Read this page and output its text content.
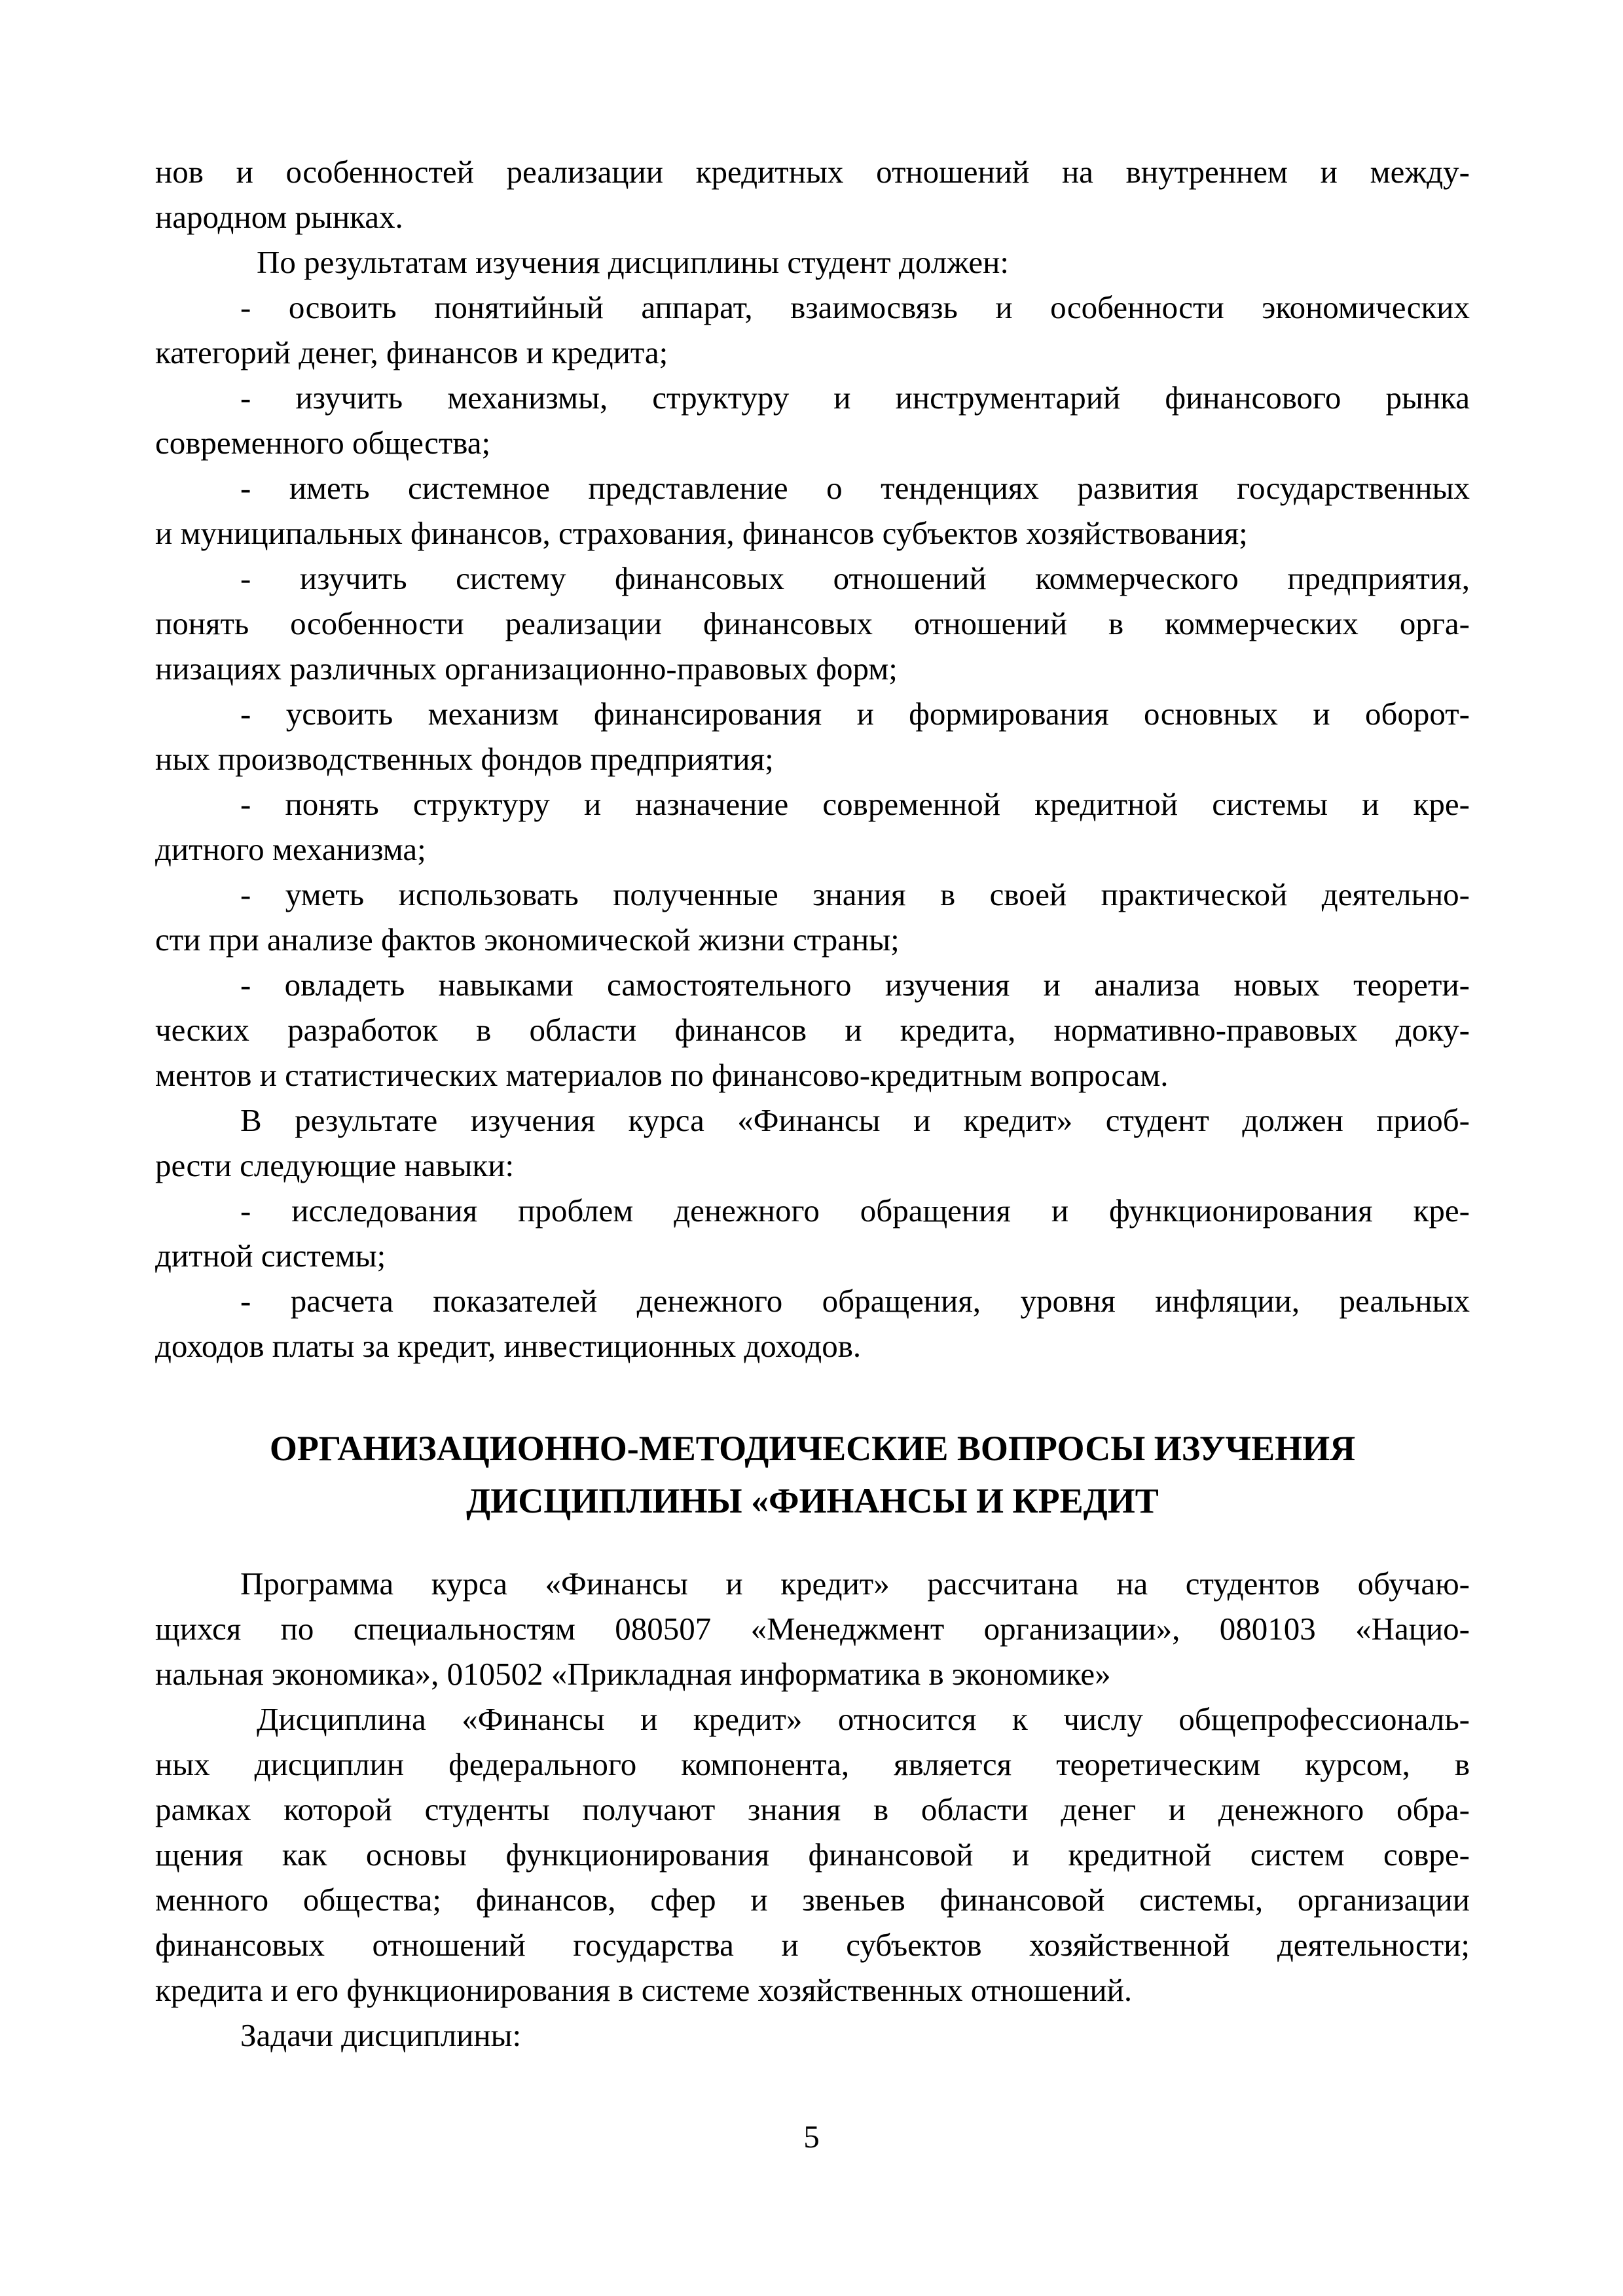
нов и особенностей реализации кредитных отношений на внутреннем и между-
народном рынках.
По результатам изучения дисциплины студент должен:
- освоить понятийный аппарат, взаимосвязь и особенности экономических
категорий денег, финансов и кредита;
- изучить механизмы, структуру и инструментарий финансового рынка
современного общества;
- иметь системное представление о тенденциях развития государственных
и муниципальных финансов, страхования, финансов субъектов хозяйствования;
- изучить систему финансовых отношений коммерческого предприятия,
понять особенности реализации финансовых отношений в коммерческих орга-
низациях различных организационно-правовых форм;
- усвоить механизм финансирования и формирования основных и оборот-
ных производственных фондов предприятия;
- понять структуру и назначение современной кредитной системы и кре-
дитного механизма;
- уметь использовать полученные знания в своей практической деятельно-
сти при анализе фактов экономической жизни страны;
- овладеть навыками самостоятельного изучения и анализа новых теорети-
ческих разработок в области финансов и кредита, нормативно-правовых доку-
ментов и статистических материалов по финансово-кредитным вопросам.
В результате изучения курса «Финансы и кредит» студент должен приоб-
рести следующие навыки:
- исследования проблем денежного обращения и функционирования кре-
дитной системы;
- расчета показателей денежного обращения, уровня инфляции, реальных
доходов платы за кредит, инвестиционных доходов.
ОРГАНИЗАЦИОННО-МЕТОДИЧЕСКИЕ ВОПРОСЫ ИЗУЧЕНИЯ
ДИСЦИПЛИНЫ «ФИНАНСЫ И КРЕДИТ
Программа курса «Финансы и кредит» рассчитана на студентов обучаю-
щихся по специальностям 080507 «Менеджмент организации», 080103 «Нацио-
нальная экономика», 010502 «Прикладная информатика в экономике»
Дисциплина «Финансы и кредит» относится к числу общепрофессиональ-
ных дисциплин федерального компонента, является теоретическим курсом, в
рамках которой студенты получают знания в области денег и денежного обра-
щения как основы функционирования финансовой и кредитной систем совре-
менного общества; финансов, сфер и звеньев финансовой системы, организации
финансовых отношений государства и субъектов хозяйственной деятельности;
кредита и его функционирования в системе хозяйственных отношений.
Задачи дисциплины:
5
